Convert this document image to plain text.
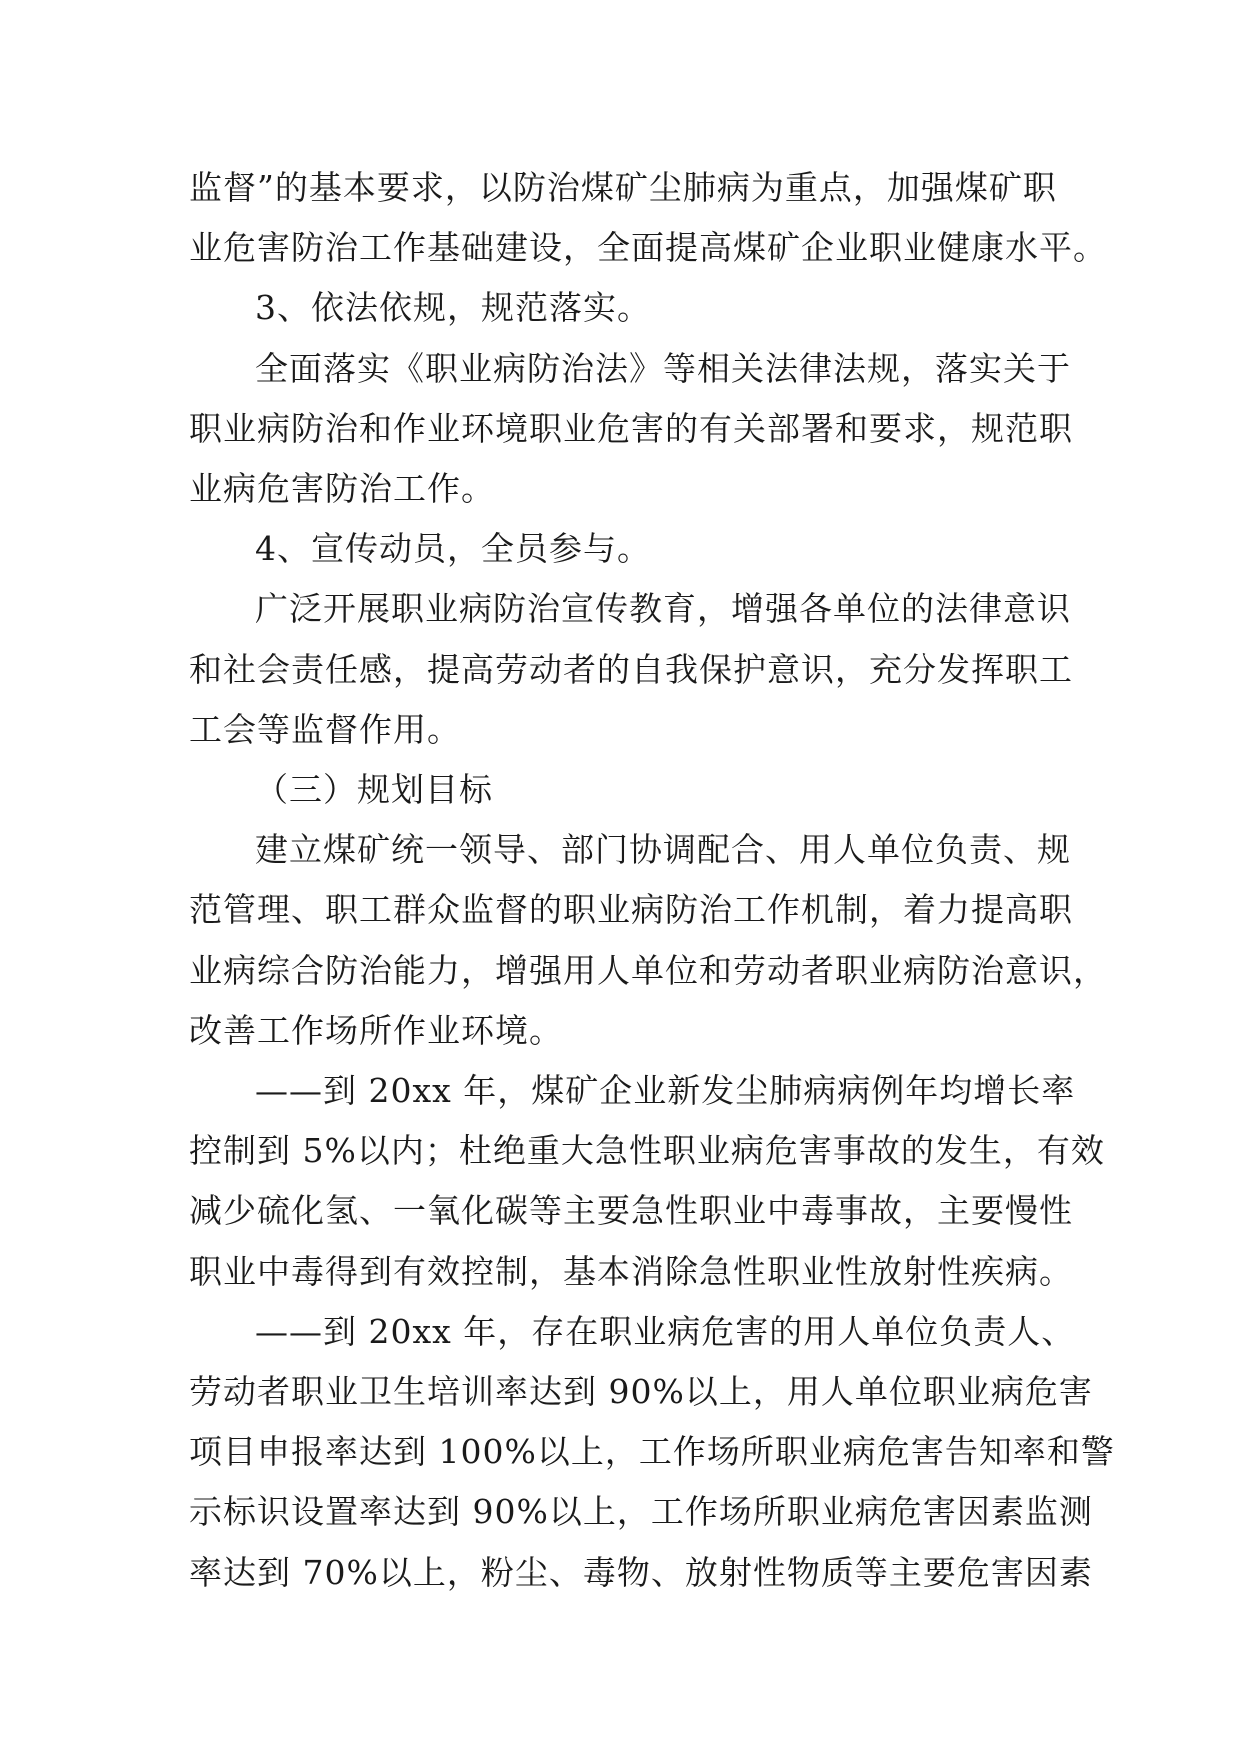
监督”的基本要求，以防治煤矿尘肺病为重点，加强煤矿职
业危害防治工作基础建设，全面提高煤矿企业职业健康水平。
3、依法依规，规范落实。
全面落实《职业病防治法》等相关法律法规，落实关于
职业病防治和作业环境职业危害的有关部署和要求，规范职
业病危害防治工作。
4、宣传动员，全员参与。
广泛开展职业病防治宣传教育，增强各单位的法律意识
和社会责任感，提高劳动者的自我保护意识，充分发挥职工
工会等监督作用。
（三）规划目标
建立煤矿统一领导、部门协调配合、用人单位负责、规
范管理、职工群众监督的职业病防治工作机制，着力提高职
业病综合防治能力，增强用人单位和劳动者职业病防治意识，
改善工作场所作业环境。
——到 20xx 年，煤矿企业新发尘肺病病例年均增长率
控制到 5%以内；杜绝重大急性职业病危害事故的发生，有效
减少硫化氢、一氧化碳等主要急性职业中毒事故，主要慢性
职业中毒得到有效控制，基本消除急性职业性放射性疾病。
——到 20xx 年，存在职业病危害的用人单位负责人、
劳动者职业卫生培训率达到 90%以上，用人单位职业病危害
项目申报率达到 100%以上，工作场所职业病危害告知率和警
示标识设置率达到 90%以上，工作场所职业病危害因素监测
率达到 70%以上，粉尘、毒物、放射性物质等主要危害因素
